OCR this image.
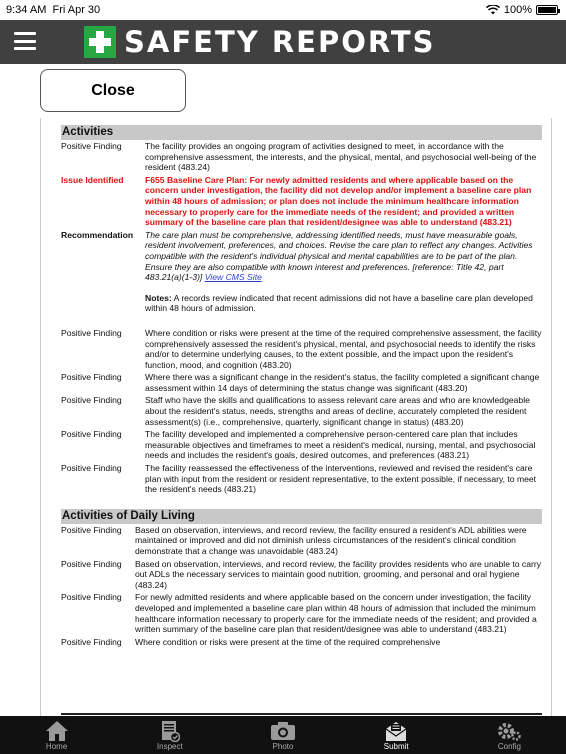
9:34 AM Fri Apr 30	100%
SAFETY REPORTS
Close
Activities
Positive Finding	The facility provides an ongoing program of activities designed to meet, in accordance with the comprehensive assessment, the interests, and the physical, mental, and psychosocial well-being of the resident (483.24)
Issue Identified	F655 Baseline Care Plan: For newly admitted residents and where applicable based on the concern under investigation, the facility did not develop and/or implement a baseline care plan within 48 hours of admission; or plan does not include the minimum healthcare information necessary to properly care for the immediate needs of the resident; and provided a written summary of the baseline care plan that resident/designee was able to understand (483.21)
Recommendation	The care plan must be comprehensive, addressing identified needs, must have measurable goals, resident involvement, preferences, and choices. Revise the care plan to reflect any changes. Activities compatible with the resident's individual physical and mental capabilities are to be part of the plan. Ensure they are also compatible with known interest and preferences. [reference: Title 42, part 483.21(a)(1-3)] View CMS Site
Notes: A records review indicated that recent admissions did not have a baseline care plan developed within 48 hours of admission.
Positive Finding	Where condition or risks were present at the time of the required comprehensive assessment, the facility comprehensively assessed the resident's physical, mental, and psychosocial needs to identify the risks and/or to determine underlying causes, to the extent possible, and the impact upon the resident's function, mood, and cognition (483.20)
Positive Finding	Where there was a significant change in the resident's status, the facility completed a significant change assessment within 14 days of determining the status change was significant (483.20)
Positive Finding	Staff who have the skills and qualifications to assess relevant care areas and who are knowledgeable about the resident's status, needs, strengths and areas of decline, accurately completed the resident assessment(s) (i.e., comprehensive, quarterly, significant change in status) (483.20)
Positive Finding	The facility developed and implemented a comprehensive person-centered care plan that includes measurable objectives and timeframes to meet a resident's medical, nursing, mental, and psychosocial needs and includes the resident's goals, desired outcomes, and preferences (483.21)
Positive Finding	The facility reassessed the effectiveness of the interventions, reviewed and revised the resident's care plan with input from the resident or resident representative, to the extent possible, if necessary, to meet the resident's needs (483.21)
Activities of Daily Living
Positive Finding	Based on observation, interviews, and record review, the facility ensured a resident's ADL abilities were maintained or improved and did not diminish unless circumstances of the resident's clinical condition demonstrate that a change was unavoidable (483.24)
Positive Finding	Based on observation, interviews, and record review, the facility provides residents who are unable to carry out ADLs the necessary services to maintain good nutrition, grooming, and personal and oral hygiene (483.24)
Positive Finding	For newly admitted residents and where applicable based on the concern under investigation, the facility developed and implemented a baseline care plan within 48 hours of admission that included the minimum healthcare information necessary to properly care for the immediate needs of the resident; and provided a written summary of the baseline care plan that resident/designee was able to understand (483.21)
Positive Finding	Where condition or risks were present at the time of the required comprehensive
Home	Inspect	Photo	Submit	Config
